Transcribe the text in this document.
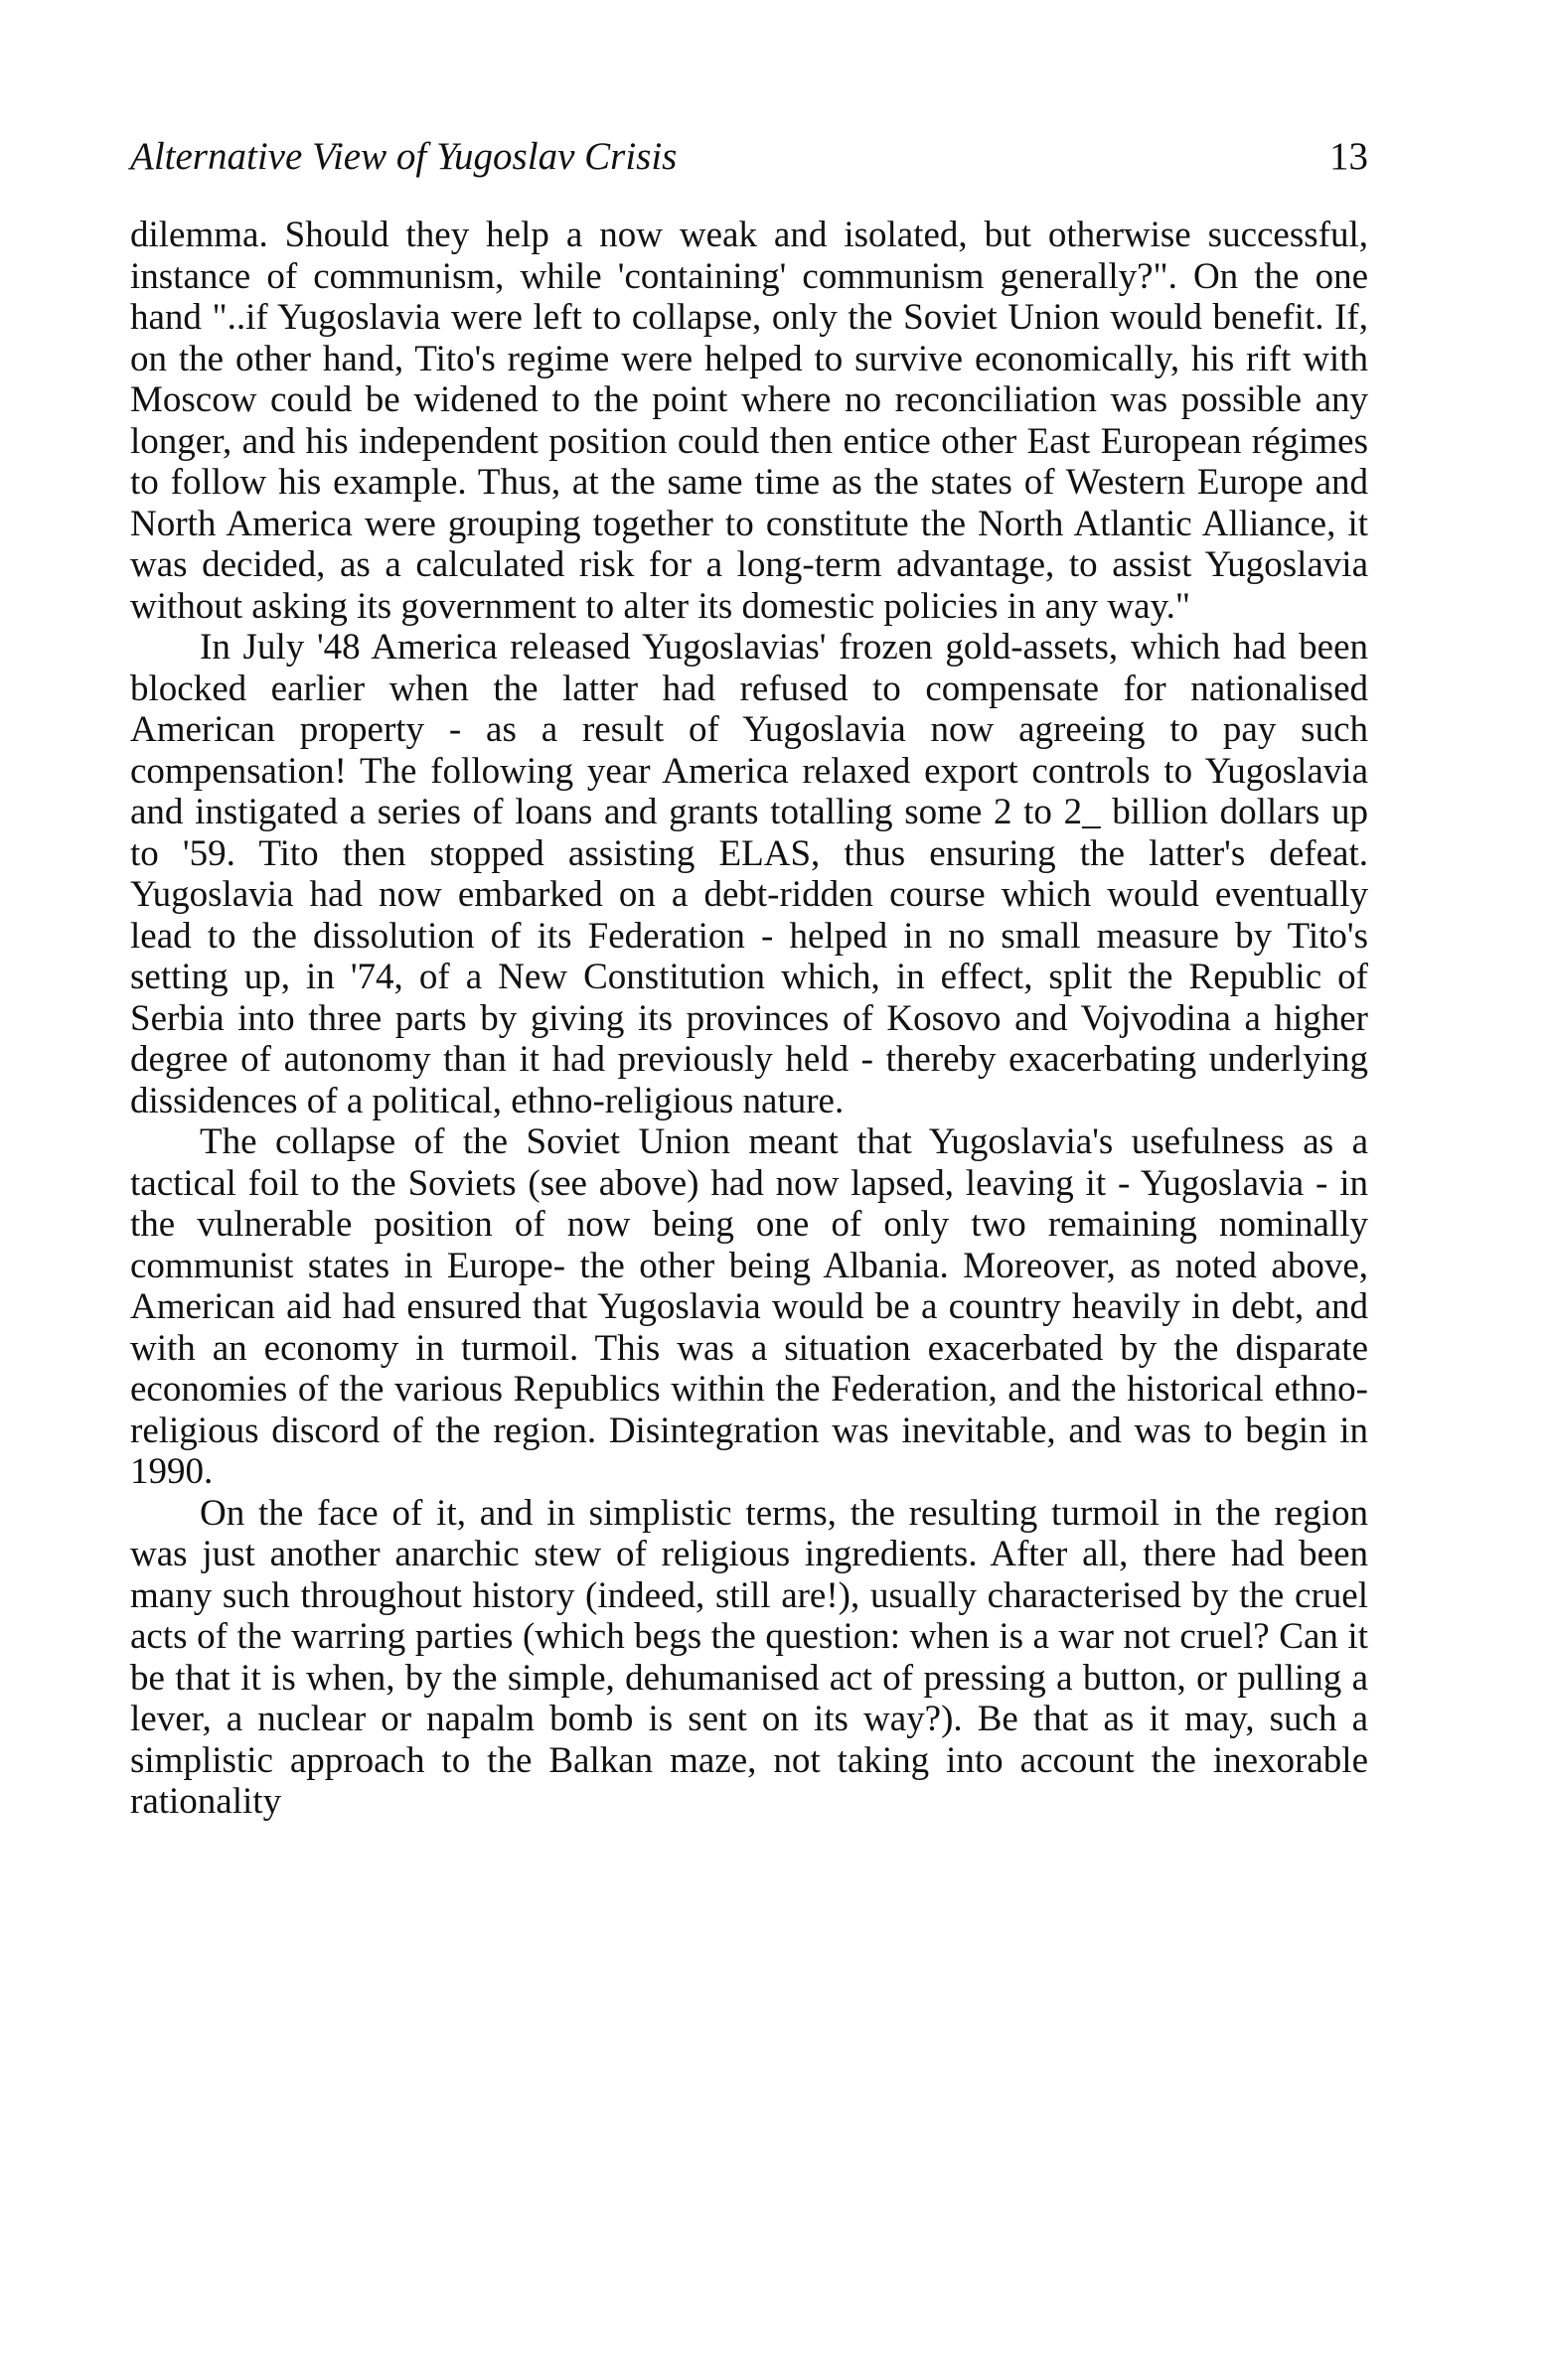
Alternative View of Yugoslav Crisis	13

dilemma. Should they help a now weak and isolated, but otherwise successful, instance of communism, while 'containing' communism generally?". On the one hand "..if Yugoslavia were left to collapse, only the Soviet Union would benefit. If, on the other hand, Tito's regime were helped to survive economically, his rift with Moscow could be widened to the point where no reconciliation was possible any longer, and his independent position could then entice other East European régimes to follow his example. Thus, at the same time as the states of Western Europe and North America were grouping together to constitute the North Atlantic Alliance, it was decided, as a calculated risk for a long-term advantage, to assist Yugoslavia without asking its government to alter its domestic policies in any way."

In July '48 America released Yugoslavias' frozen gold-assets, which had been blocked earlier when the latter had refused to compensate for nationalised American property - as a result of Yugoslavia now agreeing to pay such compensation! The following year America relaxed export controls to Yugoslavia and instigated a series of loans and grants totalling some 2 to 2_ billion dollars up to '59. Tito then stopped assisting ELAS, thus ensuring the latter's defeat. Yugoslavia had now embarked on a debt-ridden course which would eventually lead to the dissolution of its Federation - helped in no small measure by Tito's setting up, in '74, of a New Constitution which, in effect, split the Republic of Serbia into three parts by giving its provinces of Kosovo and Vojvodina a higher degree of autonomy than it had previously held - thereby exacerbating underlying dissidences of a political, ethno-religious nature.

The collapse of the Soviet Union meant that Yugoslavia's usefulness as a tactical foil to the Soviets (see above) had now lapsed, leaving it - Yugoslavia - in the vulnerable position of now being one of only two remaining nominally communist states in Europe- the other being Albania. Moreover, as noted above, American aid had ensured that Yugoslavia would be a country heavily in debt, and with an economy in turmoil. This was a situation exacerbated by the disparate economies of the various Republics within the Federation, and the historical ethno-religious discord of the region. Disintegration was inevitable, and was to begin in 1990.

On the face of it, and in simplistic terms, the resulting turmoil in the region was just another anarchic stew of religious ingredients. After all, there had been many such throughout history (indeed, still are!), usually characterised by the cruel acts of the warring parties (which begs the question: when is a war not cruel? Can it be that it is when, by the simple, dehumanised act of pressing a button, or pulling a lever, a nuclear or napalm bomb is sent on its way?). Be that as it may, such a simplistic approach to the Balkan maze, not taking into account the inexorable rationality
